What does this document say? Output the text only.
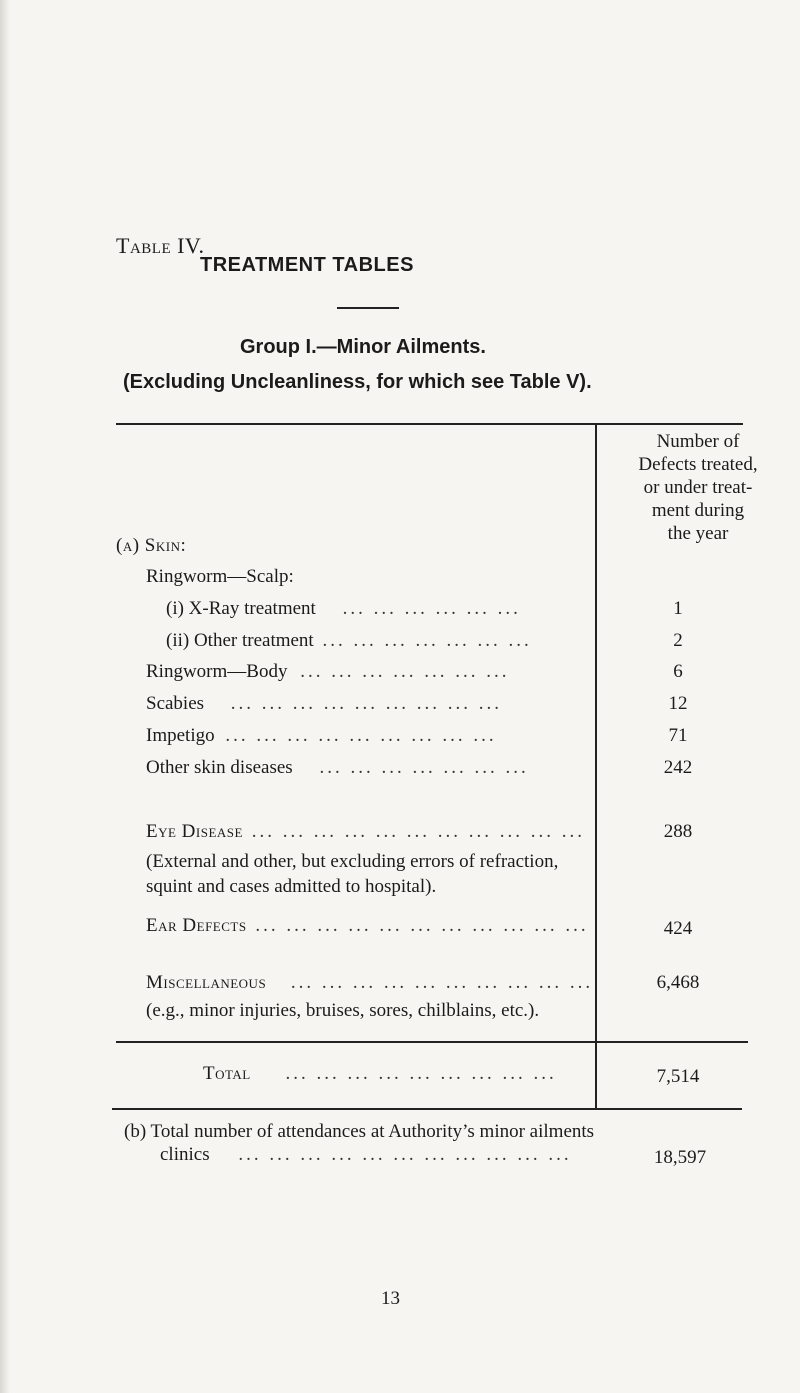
Table IV.
TREATMENT TABLES
Group I.—Minor Ailments.
(Excluding Uncleanliness, for which see Table V).
Number of
Defects treated,
or under treat-
ment during
the year
(a) Skin:
Ringworm—Scalp:
(i) X-Ray treatment ... ... ... ... ... ...	1
(ii) Other treatment ... ... ... ... ... ... ...	2
Ringworm—Body ... ... ... ... ... ... ...	6
Scabies ... ... ... ... ... ... ... ... ...	12
Impetigo ... ... ... ... ... ... ... ... ...	71
Other skin diseases ... ... ... ... ... ... ...	242
Eye Disease ... ... ... ... ... ... ... ... ... ... ...	288
(External and other, but excluding errors of refraction,
squint and cases admitted to hospital).
Ear Defects ... ... ... ... ... ... ... ... ... ... ...	424
Miscellaneous ... ... ... ... ... ... ... ... ... ...	6,468
(e.g., minor injuries, bruises, sores, chilblains, etc.).
Total ... ... ... ... ... ... ... ... ...	7,514
(b) Total number of attendances at Authority’s minor ailments
clinics ... ... ... ... ... ... ... ... ... ... ...	18,597
13
